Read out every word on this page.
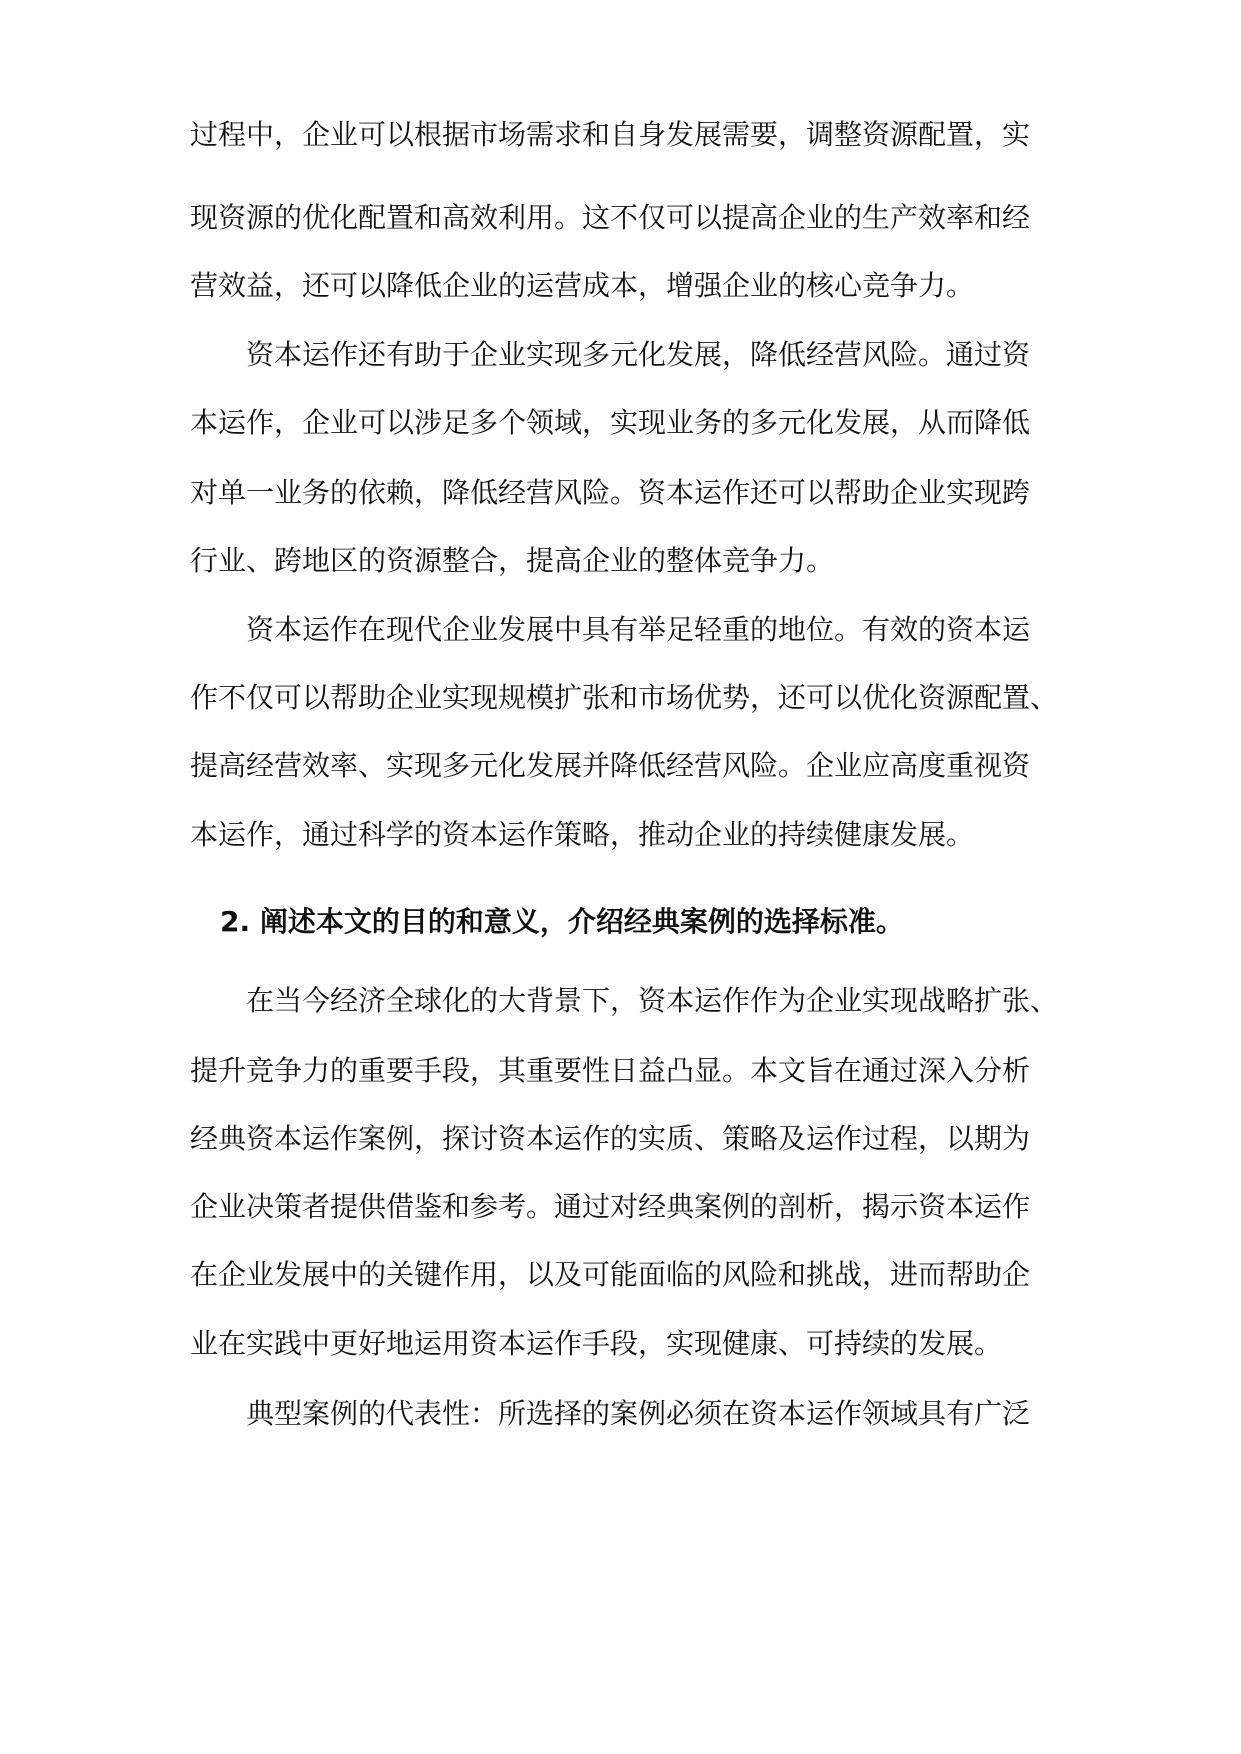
过程中，企业可以根据市场需求和自身发展需要，调整资源配置，实
现资源的优化配置和高效利用。这不仅可以提高企业的生产效率和经
营效益，还可以降低企业的运营成本，增强企业的核心竞争力。
资本运作还有助于企业实现多元化发展，降低经营风险。通过资
本运作，企业可以涉足多个领域，实现业务的多元化发展，从而降低
对单一业务的依赖，降低经营风险。资本运作还可以帮助企业实现跨
行业、跨地区的资源整合，提高企业的整体竞争力。
资本运作在现代企业发展中具有举足轻重的地位。有效的资本运
作不仅可以帮助企业实现规模扩张和市场优势，还可以优化资源配置、
提高经营效率、实现多元化发展并降低经营风险。企业应高度重视资
本运作，通过科学的资本运作策略，推动企业的持续健康发展。
2. 阐述本文的目的和意义，介绍经典案例的选择标准。
在当今经济全球化的大背景下，资本运作作为企业实现战略扩张、
提升竞争力的重要手段，其重要性日益凸显。本文旨在通过深入分析
经典资本运作案例，探讨资本运作的实质、策略及运作过程，以期为
企业决策者提供借鉴和参考。通过对经典案例的剖析，揭示资本运作
在企业发展中的关键作用，以及可能面临的风险和挑战，进而帮助企
业在实践中更好地运用资本运作手段，实现健康、可持续的发展。
典型案例的代表性：所选择的案例必须在资本运作领域具有广泛
